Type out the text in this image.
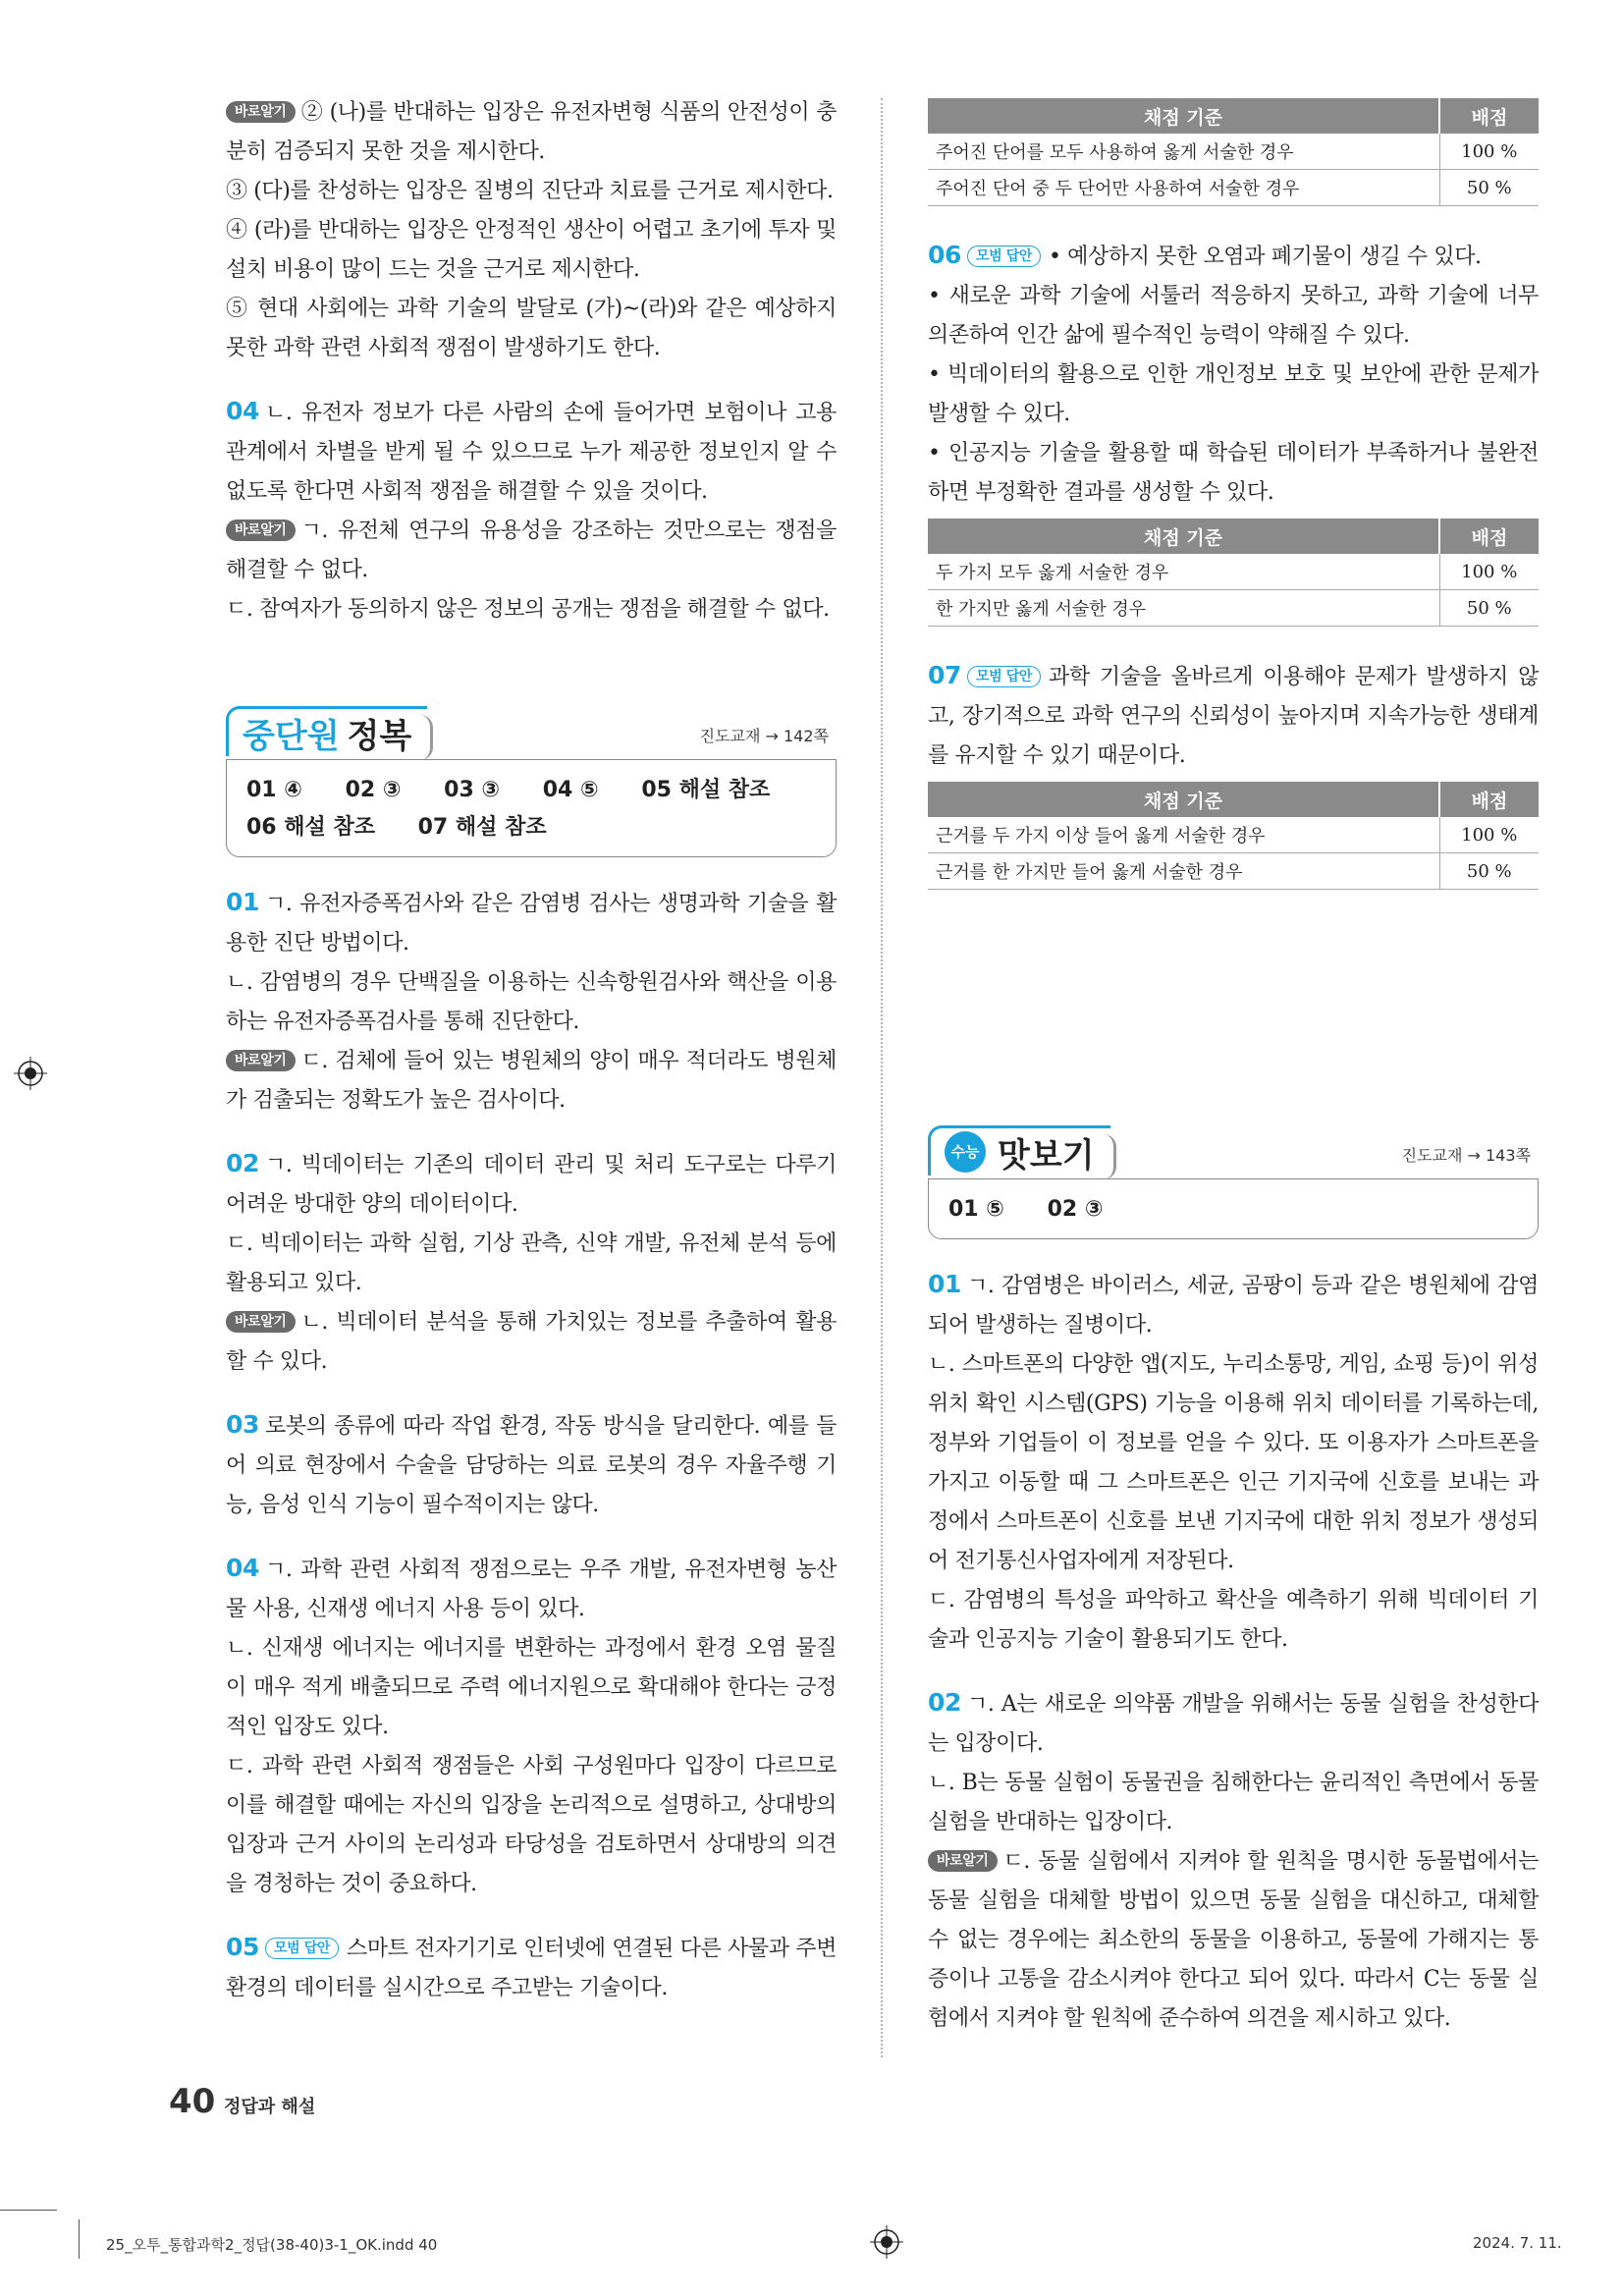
바로알기 ② (나)를 반대하는 입장은 유전자변형 식품의 안전성이 충분히 검증되지 못한 것을 제시한다.

③ (다)를 찬성하는 입장은 질병의 진단과 치료를 근거로 제시한다.

④ (라)를 반대하는 입장은 안정적인 생산이 어렵고 초기에 투자 및 설치 비용이 많이 드는 것을 근거로 제시한다.

⑤ 현대 사회에는 과학 기술의 발달로 (가)~(라)와 같은 예상하지 못한 과학 관련 사회적 쟁점이 발생하기도 한다.

04 ㄴ. 유전자 정보가 다른 사람의 손에 들어가면 보험이나 고용 관계에서 차별을 받게 될 수 있으므로 누가 제공한 정보인지 알 수 없도록 한다면 사회적 쟁점을 해결할 수 있을 것이다.

바로알기 ㄱ. 유전체 연구의 유용성을 강조하는 것만으로는 쟁점을 해결할 수 없다.

ㄷ. 참여자가 동의하지 않은 정보의 공개는 쟁점을 해결할 수 없다.

중단원 정복	진도교재 → 142쪽
01 ④ 02 ③ 03 ③ 04 ⑤ 05 해설 참조
06 해설 참조 07 해설 참조

01 ㄱ. 유전자증폭검사와 같은 감염병 검사는 생명과학 기술을 활용한 진단 방법이다.

ㄴ. 감염병의 경우 단백질을 이용하는 신속항원검사와 핵산을 이용하는 유전자증폭검사를 통해 진단한다.

바로알기 ㄷ. 검체에 들어 있는 병원체의 양이 매우 적더라도 병원체가 검출되는 정확도가 높은 검사이다.

02 ㄱ. 빅데이터는 기존의 데이터 관리 및 처리 도구로는 다루기 어려운 방대한 양의 데이터이다.

ㄷ. 빅데이터는 과학 실험, 기상 관측, 신약 개발, 유전체 분석 등에 활용되고 있다.

바로알기 ㄴ. 빅데이터 분석을 통해 가치있는 정보를 추출하여 활용할 수 있다.

03 로봇의 종류에 따라 작업 환경, 작동 방식을 달리한다. 예를 들어 의료 현장에서 수술을 담당하는 의료 로봇의 경우 자율주행 기능, 음성 인식 기능이 필수적이지는 않다.

04 ㄱ. 과학 관련 사회적 쟁점으로는 우주 개발, 유전자변형 농산물 사용, 신재생 에너지 사용 등이 있다.

ㄴ. 신재생 에너지는 에너지를 변환하는 과정에서 환경 오염 물질이 매우 적게 배출되므로 주력 에너지원으로 확대해야 한다는 긍정적인 입장도 있다.

ㄷ. 과학 관련 사회적 쟁점들은 사회 구성원마다 입장이 다르므로 이를 해결할 때에는 자신의 입장을 논리적으로 설명하고, 상대방의 입장과 근거 사이의 논리성과 타당성을 검토하면서 상대방의 의견을 경청하는 것이 중요하다.

05 모범 답안 스마트 전자기기로 인터넷에 연결된 다른 사물과 주변 환경의 데이터를 실시간으로 주고받는 기술이다.

채점 기준	배점
주어진 단어를 모두 사용하여 옳게 서술한 경우	100 %
주어진 단어 중 두 단어만 사용하여 서술한 경우	50 %

06 모범 답안 • 예상하지 못한 오염과 폐기물이 생길 수 있다.

• 새로운 과학 기술에 서툴러 적응하지 못하고, 과학 기술에 너무 의존하여 인간 삶에 필수적인 능력이 약해질 수 있다.

• 빅데이터의 활용으로 인한 개인정보 보호 및 보안에 관한 문제가 발생할 수 있다.

• 인공지능 기술을 활용할 때 학습된 데이터가 부족하거나 불완전하면 부정확한 결과를 생성할 수 있다.

채점 기준	배점
두 가지 모두 옳게 서술한 경우	100 %
한 가지만 옳게 서술한 경우	50 %

07 모범 답안 과학 기술을 올바르게 이용해야 문제가 발생하지 않고, 장기적으로 과학 연구의 신뢰성이 높아지며 지속가능한 생태계를 유지할 수 있기 때문이다.

채점 기준	배점
근거를 두 가지 이상 들어 옳게 서술한 경우	100 %
근거를 한 가지만 들어 옳게 서술한 경우	50 %
수능 맛보기	진도교재 → 143쪽
01 ⑤ 02 ③

01 ㄱ. 감염병은 바이러스, 세균, 곰팡이 등과 같은 병원체에 감염되어 발생하는 질병이다.

ㄴ. 스마트폰의 다양한 앱(지도, 누리소통망, 게임, 쇼핑 등)이 위성 위치 확인 시스템(GPS) 기능을 이용해 위치 데이터를 기록하는데, 정부와 기업들이 이 정보를 얻을 수 있다. 또 이용자가 스마트폰을 가지고 이동할 때 그 스마트폰은 인근 기지국에 신호를 보내는 과정에서 스마트폰이 신호를 보낸 기지국에 대한 위치 정보가 생성되어 전기통신사업자에게 저장된다.

ㄷ. 감염병의 특성을 파악하고 확산을 예측하기 위해 빅데이터 기술과 인공지능 기술이 활용되기도 한다.

02 ㄱ. A는 새로운 의약품 개발을 위해서는 동물 실험을 찬성한다는 입장이다.

ㄴ. B는 동물 실험이 동물권을 침해한다는 윤리적인 측면에서 동물 실험을 반대하는 입장이다.

바로알기 ㄷ. 동물 실험에서 지켜야 할 원칙을 명시한 동물법에서는 동물 실험을 대체할 방법이 있으면 동물 실험을 대신하고, 대체할 수 없는 경우에는 최소한의 동물을 이용하고, 동물에 가해지는 통증이나 고통을 감소시켜야 한다고 되어 있다. 따라서 C는 동물 실험에서 지켜야 할 원칙에 준수하여 의견을 제시하고 있다.

40 정답과 해설
25_오투_통합과학2_정답(38-40)3-1_OK.indd 40	2024. 7. 11.
